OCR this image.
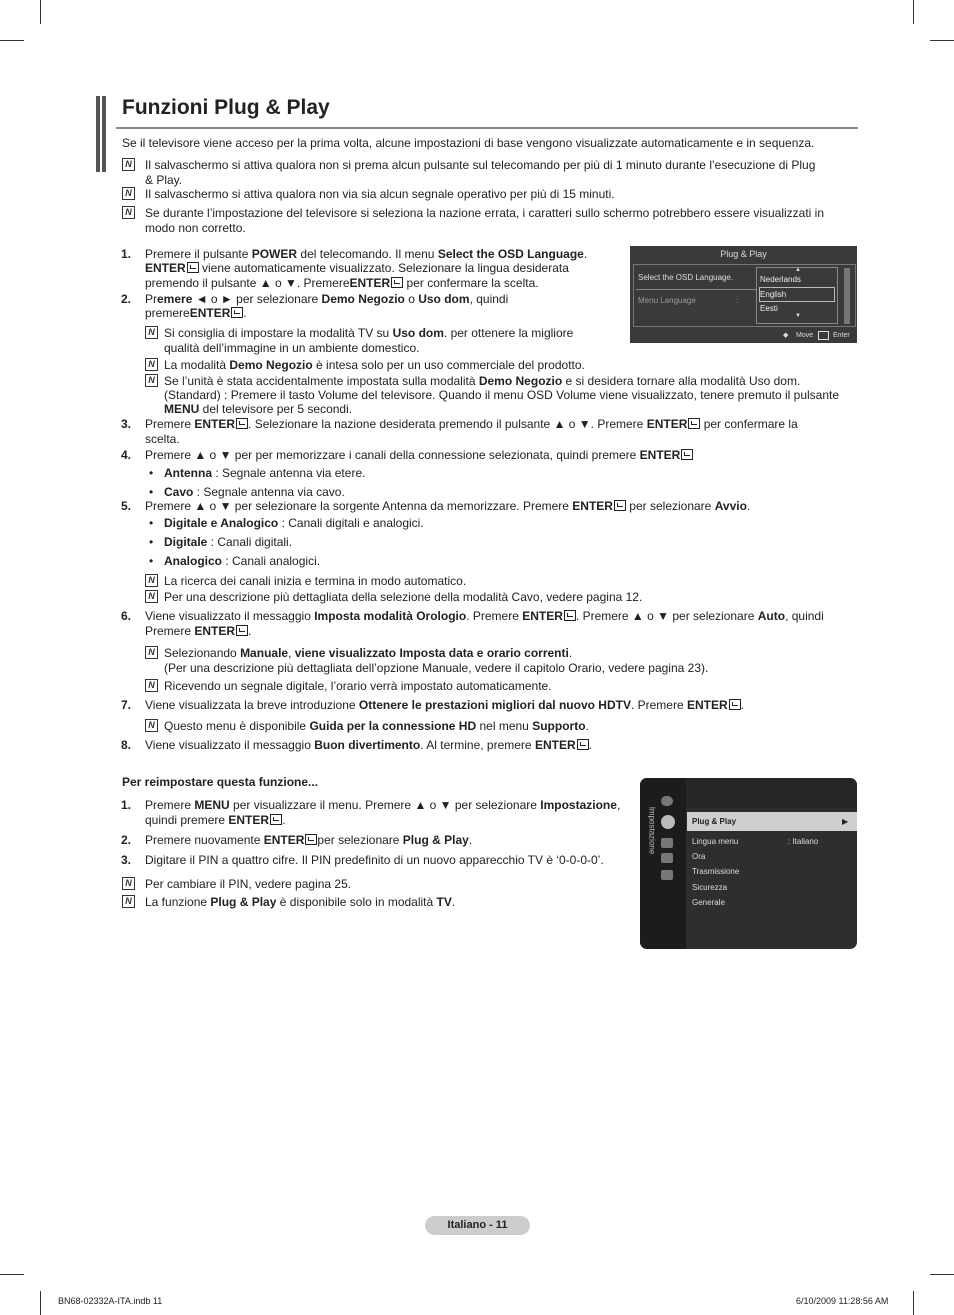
Funzioni Plug & Play
Se il televisore viene acceso per la prima volta, alcune impostazioni di base vengono visualizzate automaticamente e in sequenza.
N Il salvaschermo si attiva qualora non si prema alcun pulsante sul telecomando per più di 1 minuto durante l’esecuzione di Plug & Play.
N Il salvaschermo si attiva qualora non via sia alcun segnale operativo per più di 15 minuti.
N Se durante l’impostazione del televisore si seleziona la nazione errata, i caratteri sullo schermo potrebbero essere visualizzati in modo non corretto.
1. Premere il pulsante POWER del telecomando. Il menu Select the OSD Language.
ENTER viene automaticamente visualizzato. Selezionare la lingua desiderata
premendo il pulsante ▲ o ▼. PremereENTER per confermare la scelta.
2. Premere ◄ o ► per selezionare Demo Negozio o Uso dom, quindi
premereENTER .
N Si consiglia di impostare la modalità TV su Uso dom. per ottenere la migliore
qualità dell’immagine in un ambiente domestico.
N La modalità Demo Negozio è intesa solo per un uso commerciale del prodotto.
N Se l’unità è stata accidentalmente impostata sulla modalità Demo Negozio e si desidera tornare alla modalità Uso dom.
(Standard) : Premere il tasto Volume del televisore. Quando il menu OSD Volume viene visualizzato, tenere premuto il pulsante
MENU del televisore per 5 secondi.
3. Premere ENTER . Selezionare la nazione desiderata premendo il pulsante ▲ o ▼. Premere ENTER per confermare la
scelta.
4. Premere ▲ o ▼ per per memorizzare i canali della connessione selezionata, quindi premere ENTER
• Antenna : Segnale antenna via etere.
• Cavo : Segnale antenna via cavo.
5. Premere ▲ o ▼ per selezionare la sorgente Antenna da memorizzare. Premere ENTER per selezionare Avvio.
• Digitale e Analogico : Canali digitali e analogici.
• Digitale : Canali digitali.
• Analogico : Canali analogici.
N La ricerca dei canali inizia e termina in modo automatico.
N Per una descrizione più dettagliata della selezione della modalità Cavo, vedere pagina 12.
6. Viene visualizzato il messaggio Imposta modalità Orologio. Premere ENTER . Premere ▲ o ▼ per selezionare Auto, quindi
Premere ENTER .
N Selezionando Manuale, viene visualizzato Imposta data e orario correnti.
(Per una descrizione più dettagliata dell’opzione Manuale, vedere il capitolo Orario, vedere pagina 23).
N Ricevendo un segnale digitale, l’orario verrà impostato automaticamente.
7. Viene visualizzata la breve introduzione Ottenere le prestazioni migliori dal nuovo HDTV. Premere ENTER .
N Questo menu è disponibile Guida per la connessione HD nel menu Supporto.
8. Viene visualizzato il messaggio Buon divertimento. Al termine, premere ENTER .
Plug & Play
Select the OSD Language.
Menu Language	:
▲
Nederlands
English
Eesti
▼
◆ Move	Enter
Per reimpostare questa funzione...
1. Premere MENU per visualizzare il menu. Premere ▲ o ▼ per selezionare Impostazione,
quindi premere ENTER .
2. Premere nuovamente ENTER per selezionare Plug & Play.
3. Digitare il PIN a quattro cifre. Il PIN predefinito di un nuovo apparecchio TV è ‘0-0-0-0’.
N Per cambiare il PIN, vedere pagina 25.
N La funzione Plug & Play è disponibile solo in modalità TV.
Impostazione	Plug & Play	▶
Lingua menu	: Italiano
Ora
Trasmissione
Sicurezza
Generale
Italiano - 11
BN68-02332A-ITA.indb 11	6/10/2009 11:28:56 AM
